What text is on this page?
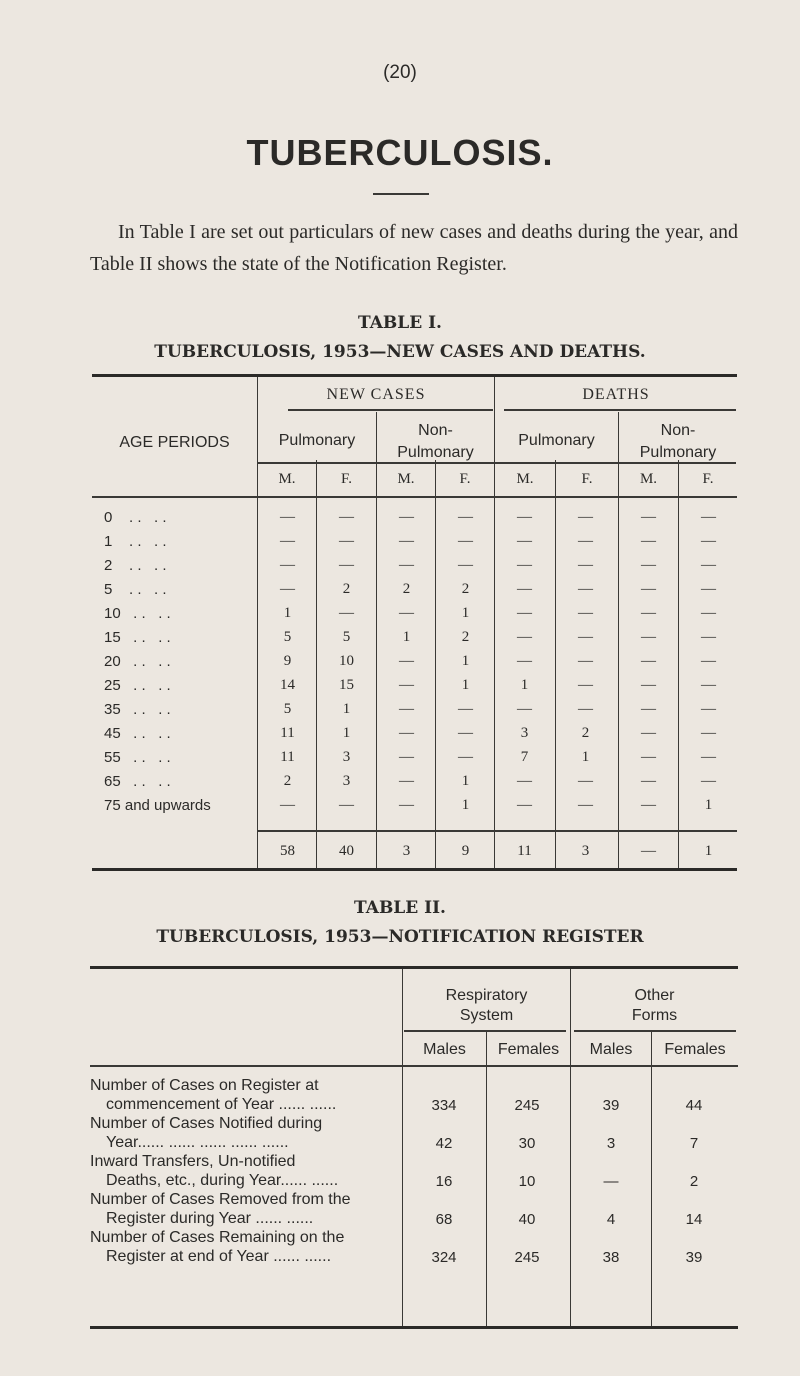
(20)
TUBERCULOSIS.

In Table I are set out particulars of new cases and deaths during the year, and Table II shows the state of the Notification Register.

TABLE I.
TUBERCULOSIS, 1953—NEW CASES AND DEATHS.
AGE PERIODS
NEW CASES	DEATHS
Pulmonary
Non-
Pulmonary
Pulmonary
Non-
Pulmonary
M.	F.	M.	F.	M.	F.	M.	F.
0    . .   . .	—	—	—	—	—	—	—	—
1    . .   . .	—	—	—	—	—	—	—	—
2    . .   . .	—	—	—	—	—	—	—	—
5    . .   . .	—	2	2	2	—	—	—	—
10   . .   . .	1	—	—	1	—	—	—	—
15   . .   . .	5	5	1	2	—	—	—	—
20   . .   . .	9	10	—	1	—	—	—	—
25   . .   . .	14	15	—	1	1	—	—	—
35   . .   . .	5	1	—	—	—	—	—	—
45   . .   . .	11	1	—	—	3	2	—	—
55   . .   . .	11	3	—	—	7	1	—	—
65   . .   . .	2	3	—	1	—	—	—	—
75 and upwards	—	—	—	1	—	—	—	1
58	40	3	9	11	3	—	1
TABLE II.
TUBERCULOSIS, 1953—NOTIFICATION REGISTER
Respiratory
System
Other
Forms
Males	Females	Males	Females
Number of Cases on Register at
commencement of Year ...... ......	334	245	39	44
Number of Cases Notified during
Year...... ...... ...... ...... ......	42	30	3	7
Inward Transfers, Un-notified
Deaths, etc., during Year...... ......	16	10	—	2
Number of Cases Removed from the
Register during Year ...... ......	68	40	4	14
Number of Cases Remaining on the
Register at end of Year ...... ......	324	245	38	39
